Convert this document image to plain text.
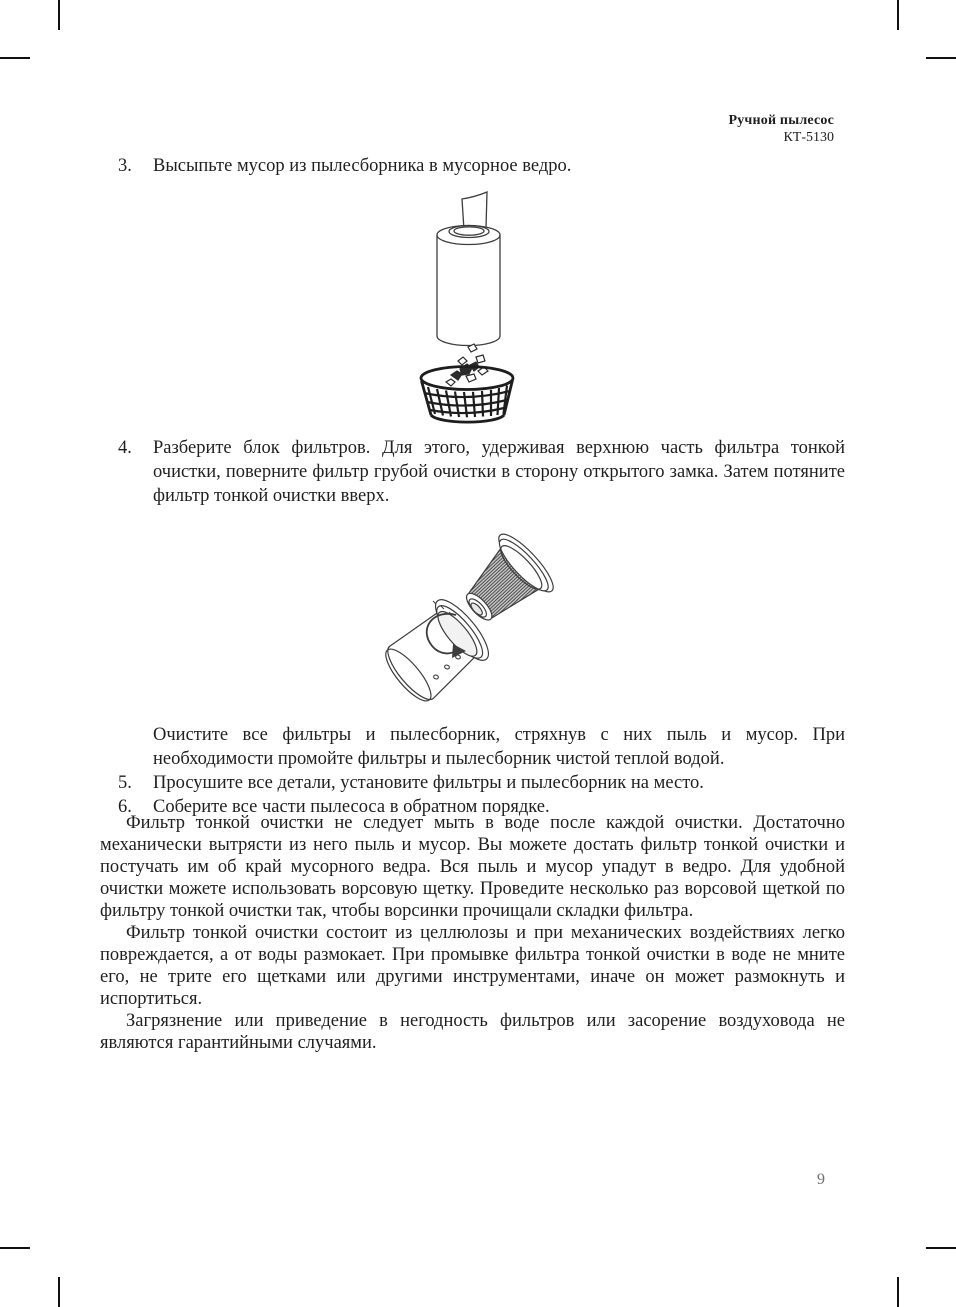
Ручной пылесос
КТ-5130
3.	Высыпьте мусор из пылесборника в мусорное ведро.
4.	Разберите блок фильтров. Для этого, удерживая верхнюю часть фильтра тонкой очистки, поверните фильтр грубой очистки в сторону открытого замка. Затем потяните фильтр тонкой очистки вверх.
Очистите все фильтры и пылесборник, стряхнув с них пыль и мусор. При необходимости промойте фильтры и пылесборник чистой теплой водой.
5.	Просушите все детали, установите фильтры и пылесборник на место.
6.	Соберите все части пылесоса в обратном порядке.

Фильтр тонкой очистки не следует мыть в воде после каждой очистки. Достаточно механически вытрясти из него пыль и мусор. Вы можете достать фильтр тонкой очистки и постучать им об край мусорного ведра. Вся пыль и мусор упадут в ведро. Для удобной очистки можете использовать ворсовую щетку. Проведите несколько раз ворсовой щеткой по фильтру тонкой очистки так, чтобы ворсинки прочищали складки фильтра.

Фильтр тонкой очистки состоит из целлюлозы и при механических воздействиях легко повреждается, а от воды размокает. При промывке фильтра тонкой очистки в воде не мните его, не трите его щетками или другими инструментами, иначе он может размокнуть и испортиться.

Загрязнение или приведение в негодность фильтров или засорение воздуховода не являются гарантийными случаями.

9
